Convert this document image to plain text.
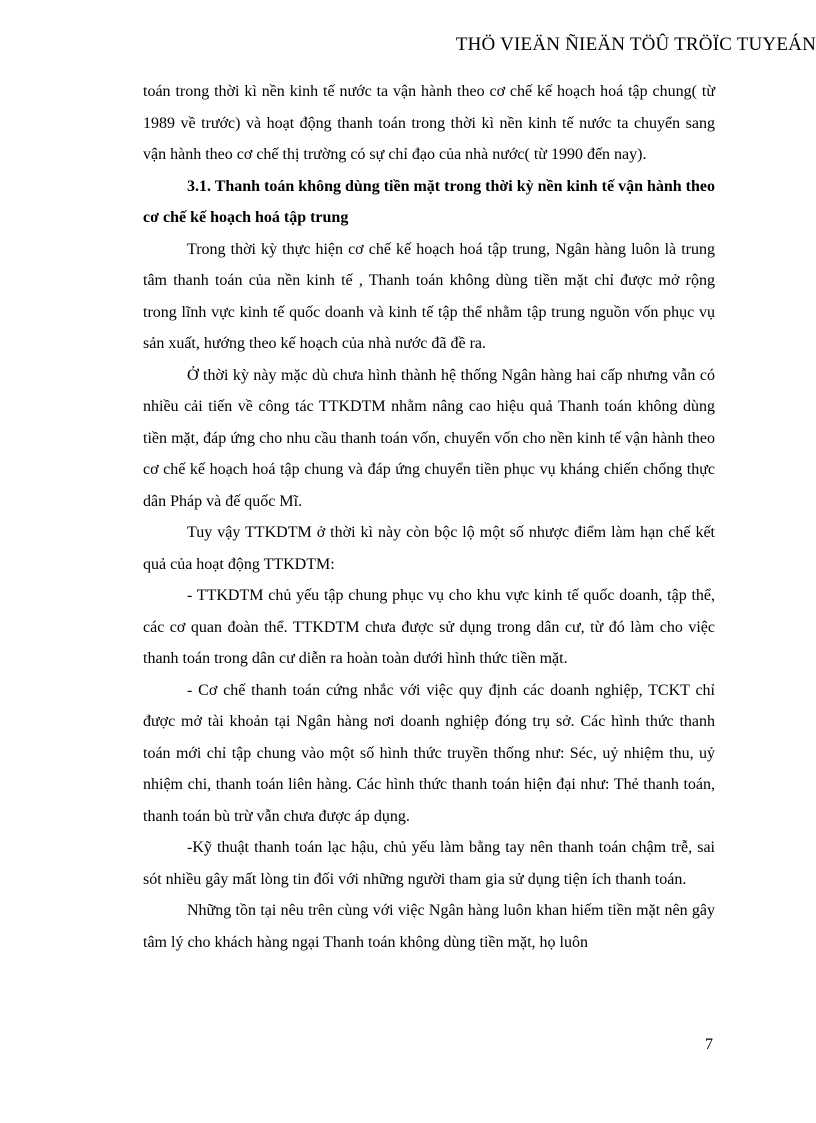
THÖ VIEÄN ÑIEÄN TÖÛ TRÖÏC TUYEÁN

toán trong thời kì nền kinh tế nước ta vận hành theo cơ chế kế hoạch hoá tập chung( từ 1989 về trước) và hoạt động thanh toán trong thời kì nền kinh tế nước ta chuyển sang vận hành theo cơ chế thị trường có sự chỉ đạo của nhà nước( từ 1990 đến nay).

3.1. Thanh toán không dùng tiền mặt trong thời kỳ nền kinh tế vận hành theo cơ chế kế hoạch hoá tập trung

Trong thời kỳ thực hiện cơ chế kế hoạch hoá tập trung, Ngân hàng luôn là trung tâm thanh toán của nền kinh tế , Thanh toán không dùng tiền mặt chỉ được mở rộng trong lĩnh vực kinh tế quốc doanh và kinh tế tập thể nhằm tập trung nguồn vốn phục vụ sản xuất, hướng theo kế hoạch của nhà nước đã đề ra.

Ở thời kỳ này mặc dù chưa hình thành hệ thống Ngân hàng hai cấp nhưng vẫn có nhiều cải tiến về công tác TTKDTM nhằm nâng cao hiệu quả Thanh toán không dùng tiền mặt, đáp ứng cho nhu cầu thanh toán vốn, chuyển vốn cho nền kinh tế vận hành theo cơ chế kế hoạch hoá tập chung và đáp ứng chuyển tiền phục vụ kháng chiến chống thực dân Pháp và đế quốc Mĩ.

Tuy vậy TTKDTM ở thời kì này còn bộc lộ một số nhược điểm làm hạn chế kết quả của hoạt động TTKDTM:

- TTKDTM chủ yếu tập chung phục vụ cho khu vực kinh tế quốc doanh, tập thể, các cơ quan đoàn thể. TTKDTM chưa được sử dụng trong dân cư, từ đó làm cho việc thanh toán trong dân cư diễn ra hoàn toàn dưới hình thức tiền mặt.

- Cơ chế thanh toán cứng nhắc với việc quy định các doanh nghiệp, TCKT chỉ được mở tài khoản tại Ngân hàng nơi doanh nghiệp đóng trụ sở. Các hình thức thanh toán mới chỉ tập chung vào một số hình thức truyền thống như: Séc, uỷ nhiệm thu, uỷ nhiệm chi, thanh toán liên hàng. Các hình thức thanh toán hiện đại như: Thẻ thanh toán, thanh toán bù trừ vẫn chưa được áp dụng.

-Kỹ thuật thanh toán lạc hậu, chủ yếu làm bằng tay nên thanh toán chậm trễ, sai sót nhiều gây mất lòng tin đối với những người tham gia sử dụng tiện ích thanh toán.

Những tồn tại nêu trên cùng với việc Ngân hàng luôn khan hiếm tiền mặt nên gây tâm lý cho khách hàng ngại Thanh toán không dùng tiền mặt, họ luôn

7
